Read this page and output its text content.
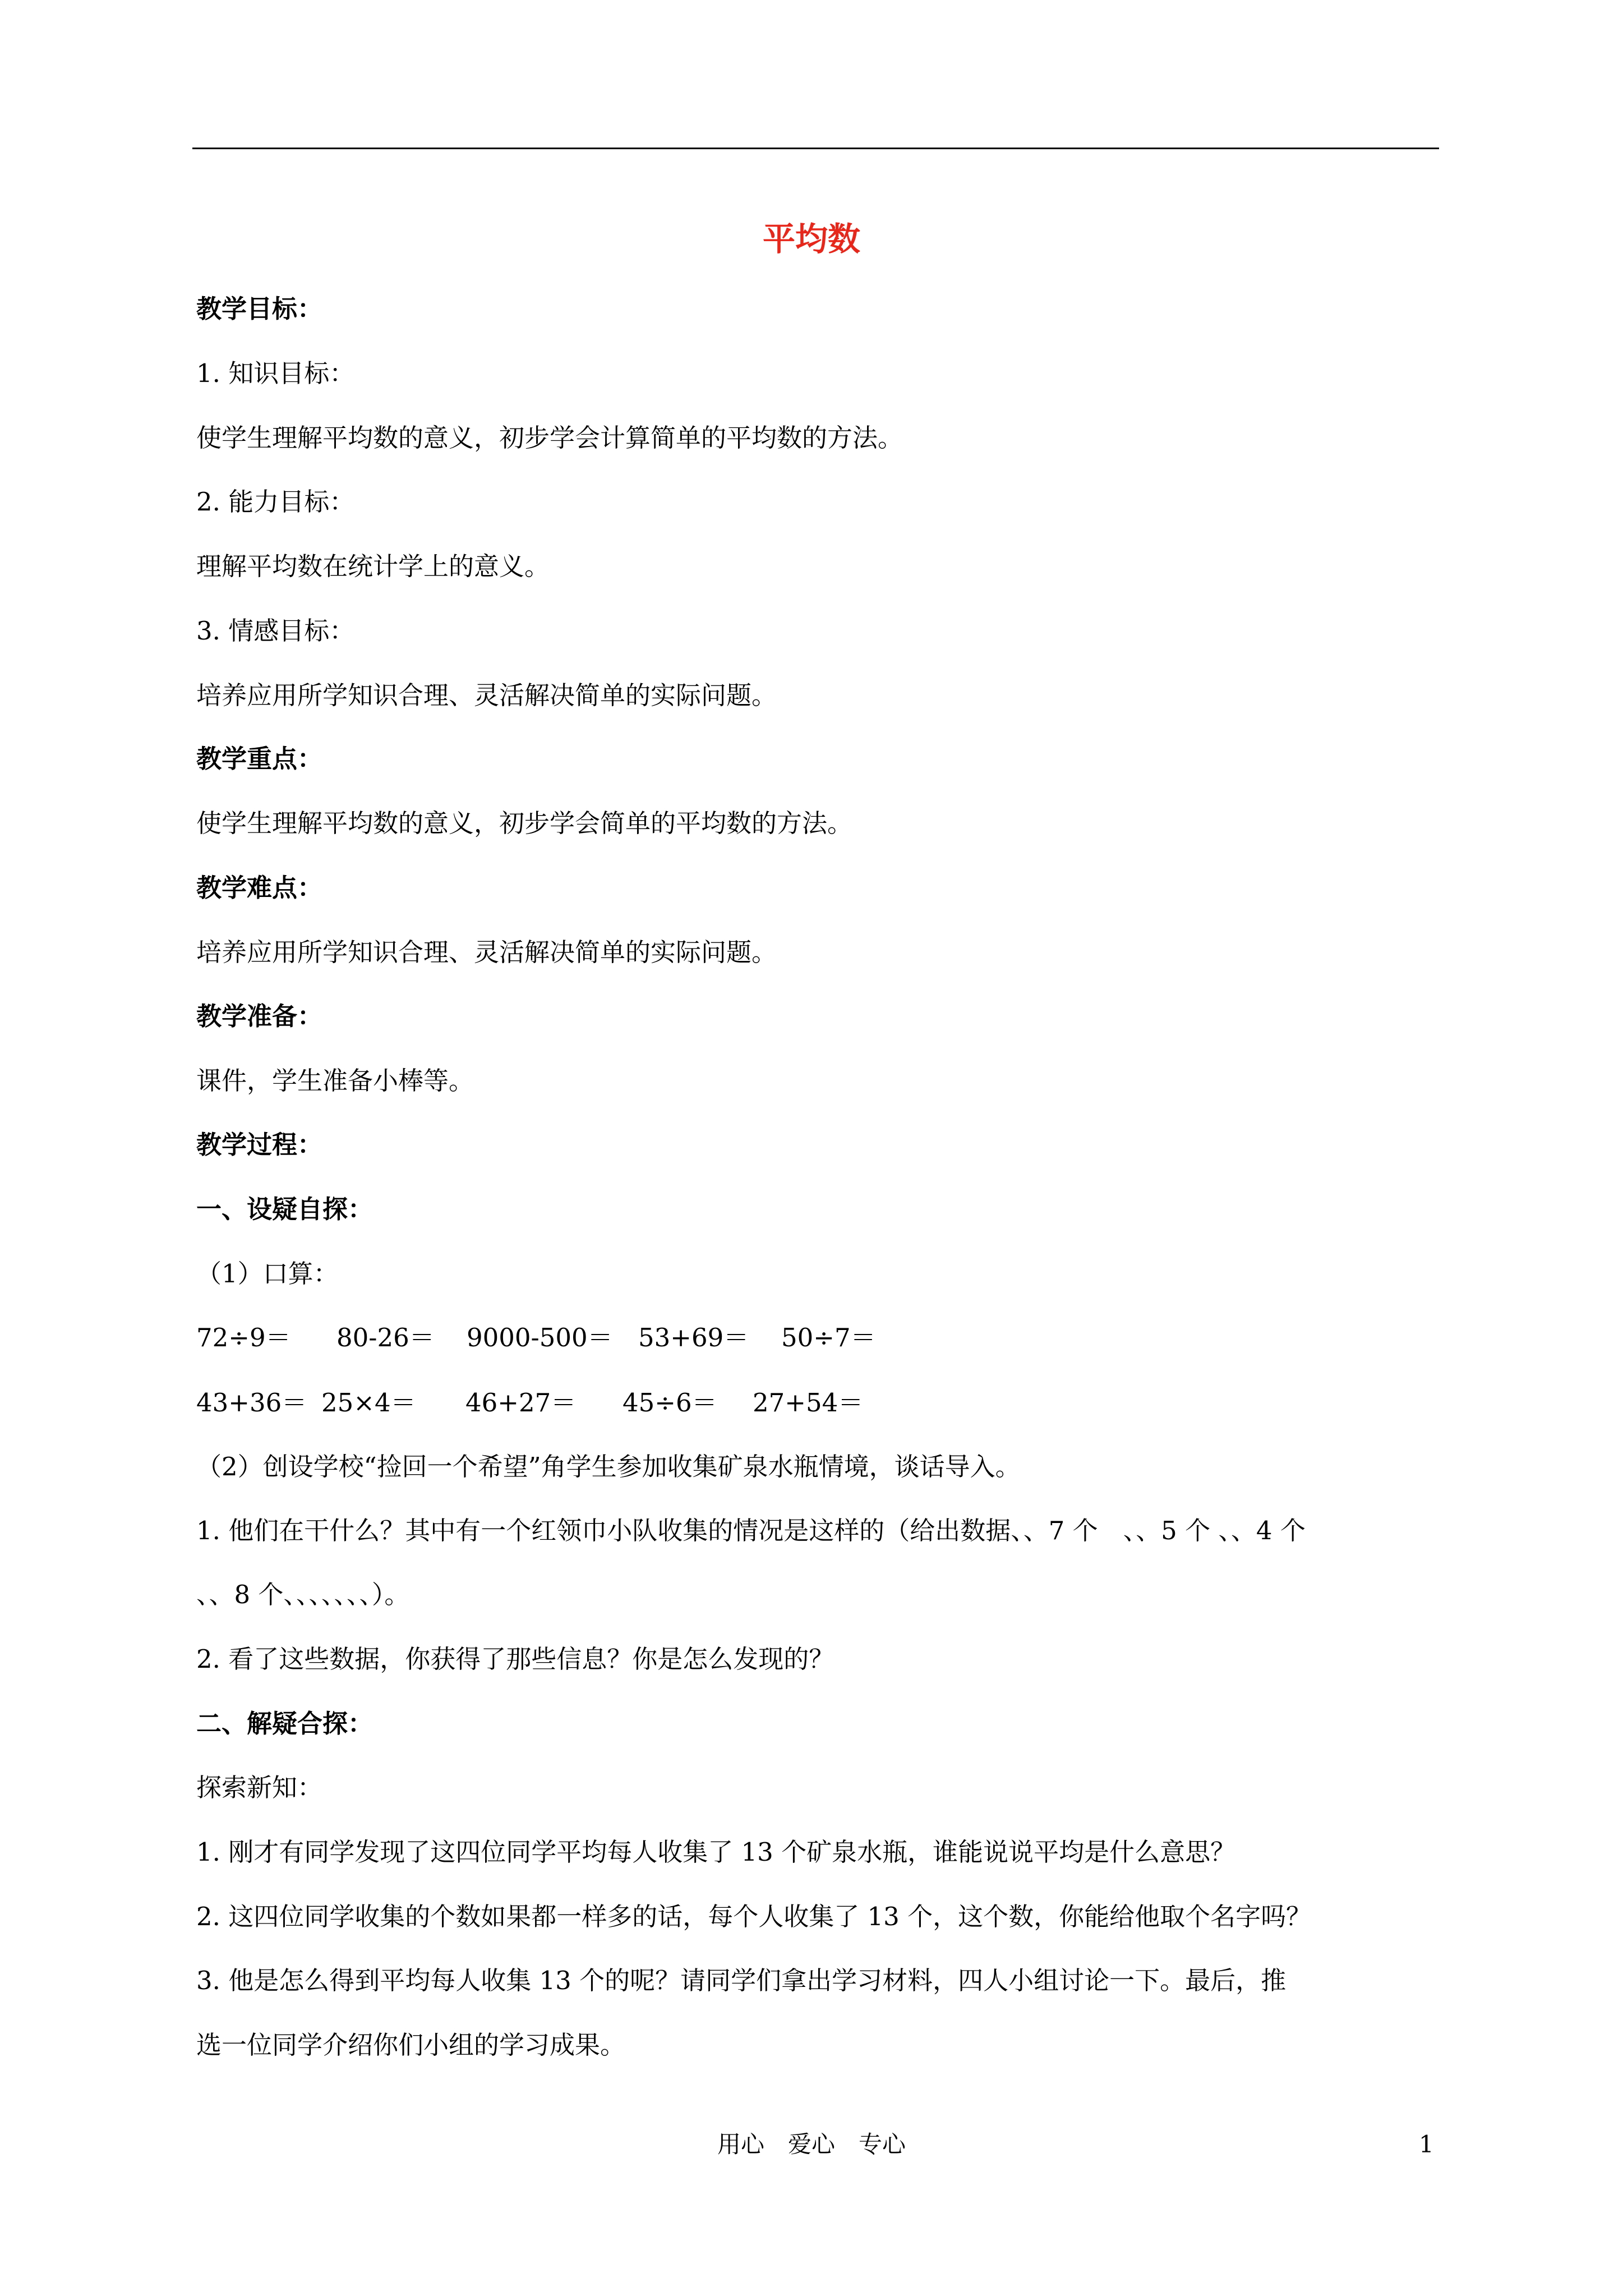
平均数
教学目标：
1. 知识目标：
使学生理解平均数的意义，初步学会计算简单的平均数的方法。
2. 能力目标：
理解平均数在统计学上的意义。
3. 情感目标：
培养应用所学知识合理、灵活解决简单的实际问题。
教学重点：
使学生理解平均数的意义，初步学会简单的平均数的方法。
教学难点：
培养应用所学知识合理、灵活解决简单的实际问题。
教学准备：
课件，学生准备小棒等。
教学过程：
一、设疑自探：
（1）口算：
72÷9＝ 80-26＝ 9000-500＝ 53+69＝ 50÷7＝
43+36＝ 25×4＝ 46+27＝ 45÷6＝ 27+54＝
（2）创设学校“捡回一个希望”角学生参加收集矿泉水瓶情境，谈话导入。
1. 他们在干什么？其中有一个红领巾小队收集的情况是这样的（给出数据、、7 个　、、5 个 、、4 个
、、8 个、、、、、、、）。
2. 看了这些数据，你获得了那些信息？你是怎么发现的？
二、解疑合探：
探索新知：
1. 刚才有同学发现了这四位同学平均每人收集了 13 个矿泉水瓶，谁能说说平均是什么意思？
2. 这四位同学收集的个数如果都一样多的话，每个人收集了 13 个，这个数，你能给他取个名字吗？
3. 他是怎么得到平均每人收集 13 个的呢？请同学们拿出学习材料，四人小组讨论一下。最后，推
选一位同学介绍你们小组的学习成果。
用心　爱心　专心	1
